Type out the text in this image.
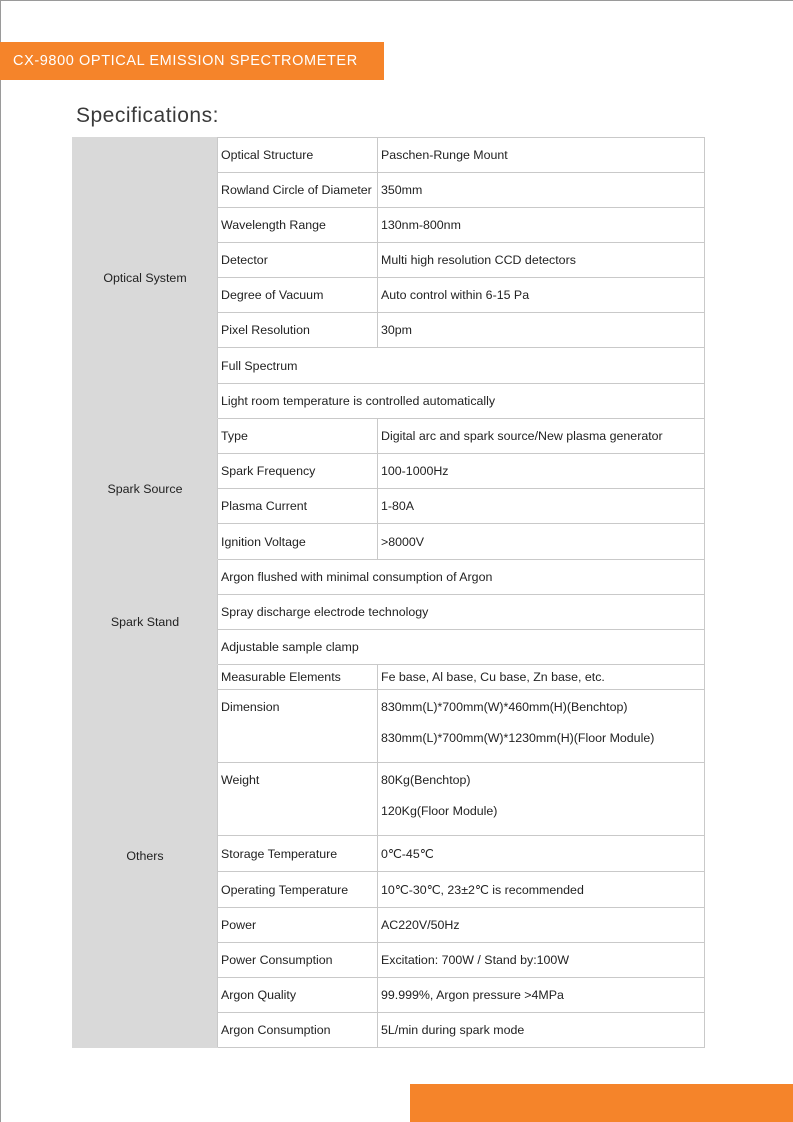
CX-9800 OPTICAL EMISSION SPECTROMETER
Specifications:
Optical System	Optical Structure	Paschen-Runge Mount
	Rowland Circle of Diameter	350mm
	Wavelength Range	130nm-800nm
	Detector	Multi high resolution CCD detectors
	Degree of Vacuum	Auto control within 6-15 Pa
	Pixel Resolution	30pm
	Full Spectrum	
	Light room temperature is controlled automatically	
Spark Source	Type	Digital arc and spark source/New plasma generator
	Spark Frequency	100-1000Hz
	Plasma Current	1-80A
	Ignition Voltage	>8000V
Spark Stand	Argon flushed with minimal consumption of Argon	
	Spray discharge electrode technology	
	Adjustable sample clamp	
Others	Measurable Elements	Fe base, Al base, Cu base, Zn base, etc.
	Dimension	830mm(L)*700mm(W)*460mm(H)(Benchtop)
830mm(L)*700mm(W)*1230mm(H)(Floor Module)

	Weight	80Kg(Benchtop)
120Kg(Floor Module)

	Storage Temperature	0℃-45℃
	Operating Temperature	10℃-30℃, 23±2℃ is recommended
	Power	AC220V/50Hz
	Power Consumption	Excitation: 700W / Stand by:100W
	Argon Quality	99.999%, Argon pressure >4MPa
	Argon Consumption	5L/min during spark mode
